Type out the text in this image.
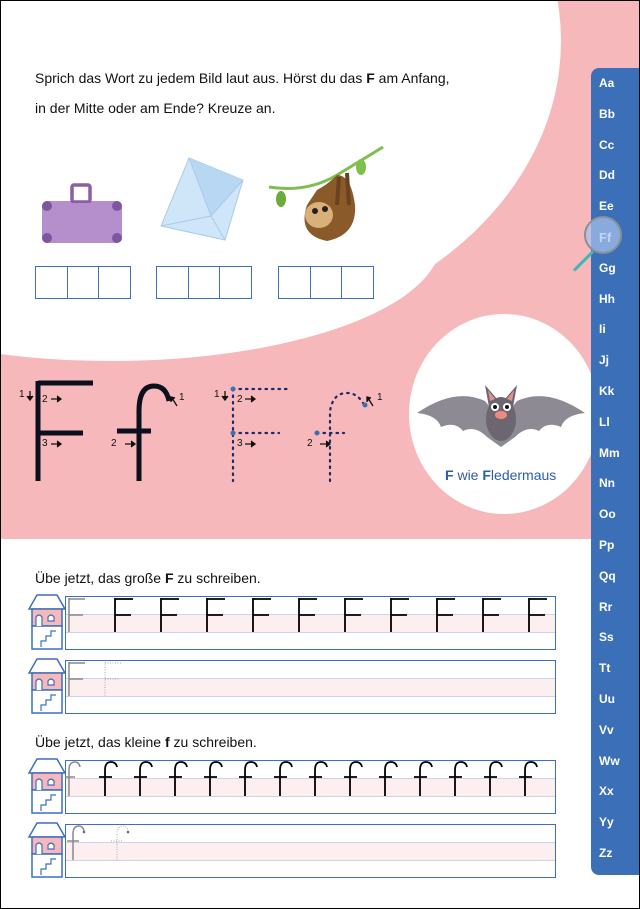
Sprich das Wort zu jedem Bild laut aus. Hörst du das F am Anfang,
in der Mitte oder am Ende? Kreuze an.
1 2
3	2
1	1 2
3	2
1
F wie Fledermaus
Übe jetzt, das große F zu schreiben.
Übe jetzt, das kleine f zu schreiben.
Aa
Bb
Cc
Dd
Ee
Gg
Hh
Ii
Jj
Kk
Ll
Mm
Nn
Oo
Pp
Qq
Rr
Ss
Tt
Uu
Vv
Ww
Xx
Yy
Zz
